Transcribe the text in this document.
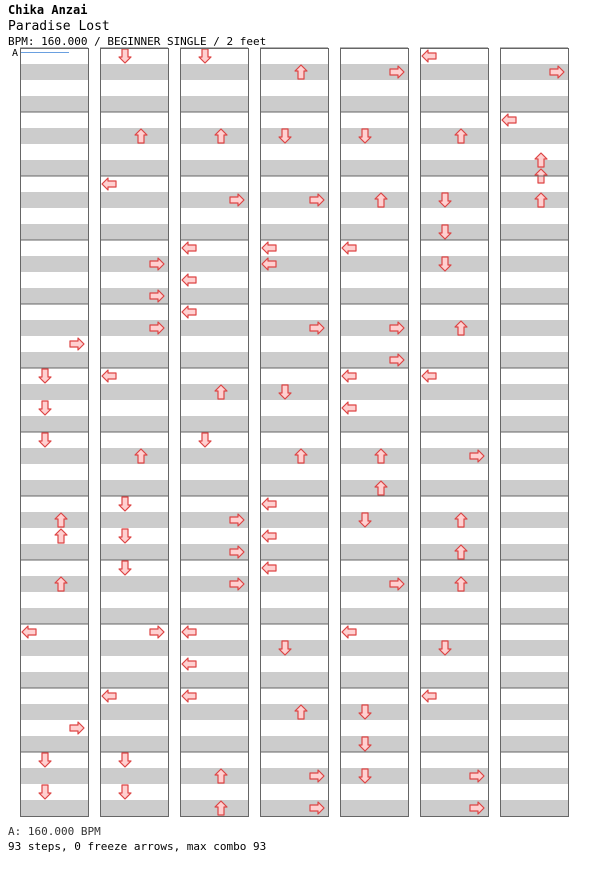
Chika Anzai
Paradise Lost
BPM: 160.000 / BEGINNER SINGLE / 2 feet
A
A: 160.000 BPM
93 steps, 0 freeze arrows, max combo 93
